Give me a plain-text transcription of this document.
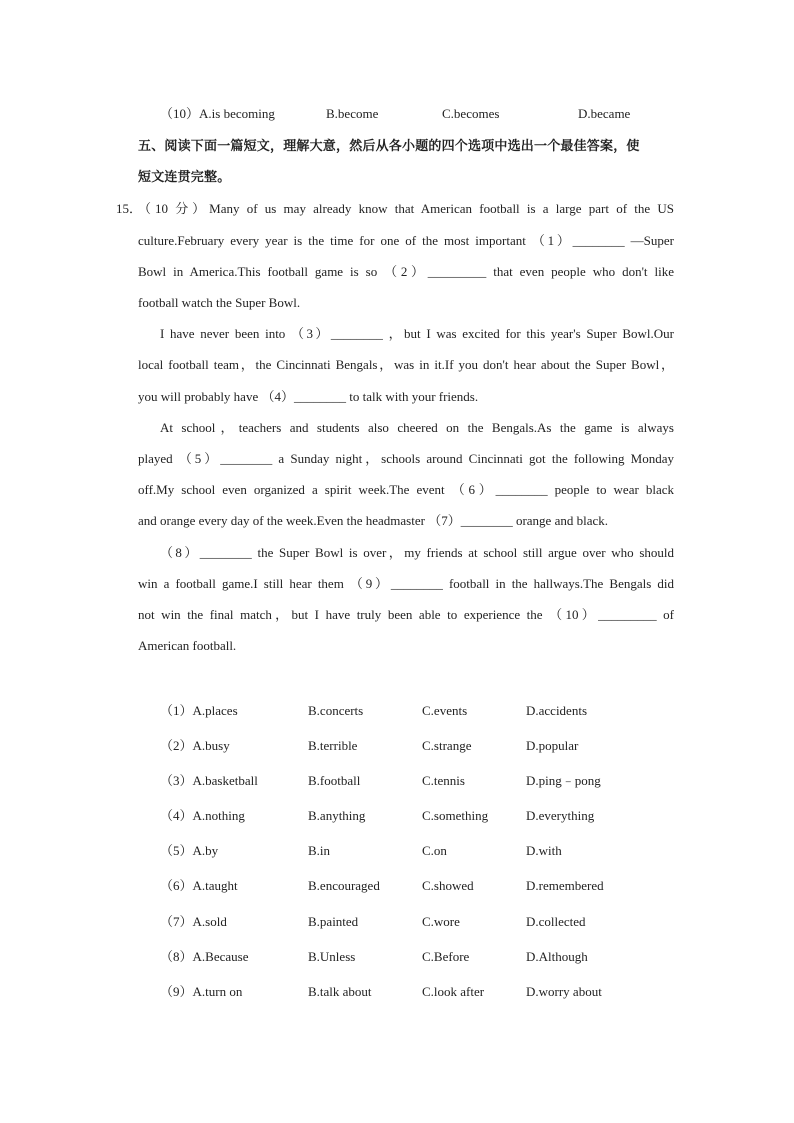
（10）A.is becoming	B.become	C.becomes	D.became
五、阅读下面一篇短文，理解大意，然后从各小题的四个选项中选出一个最佳答案，使
短文连贯完整。
15．
（10 分）Many of us may already know that American football is a large part of the US
culture.February every year is the time for one of the most important （1）________ —Super
Bowl in America.This football game is so （2）_________ that even people who don't like
football watch the Super Bowl.
I have never been into （3）________ ，but I was excited for this year's Super Bowl.Our
local football team，the Cincinnati Bengals，was in it.If you don't hear about the Super Bowl，
you will probably have （4）________ to talk with your friends.
At school，teachers and students also cheered on the Bengals.As the game is always
played （5）________ a Sunday night，schools around Cincinnati got the following Monday
off.My school even organized a spirit week.The event （6）________ people to wear black
and orange every day of the week.Even the headmaster （7）________ orange and black.
（8）________ the Super Bowl is over，my friends at school still argue over who should
win a football game.I still hear them （9）________ football in the hallways.The Bengals did
not win the final match，but I have truly been able to experience the （10）_________ of
American football.
（1）A.places	B.concerts	C.events	D.accidents
（2）A.busy	B.terrible	C.strange	D.popular
（3）A.basketball	B.football	C.tennis	D.ping﹣pong
（4）A.nothing	B.anything	C.something	D.everything
（5）A.by	B.in	C.on	D.with
（6）A.taught	B.encouraged	C.showed	D.remembered
（7）A.sold	B.painted	C.wore	D.collected
（8）A.Because	B.Unless	C.Before	D.Although
（9）A.turn on	B.talk about	C.look after	D.worry about
